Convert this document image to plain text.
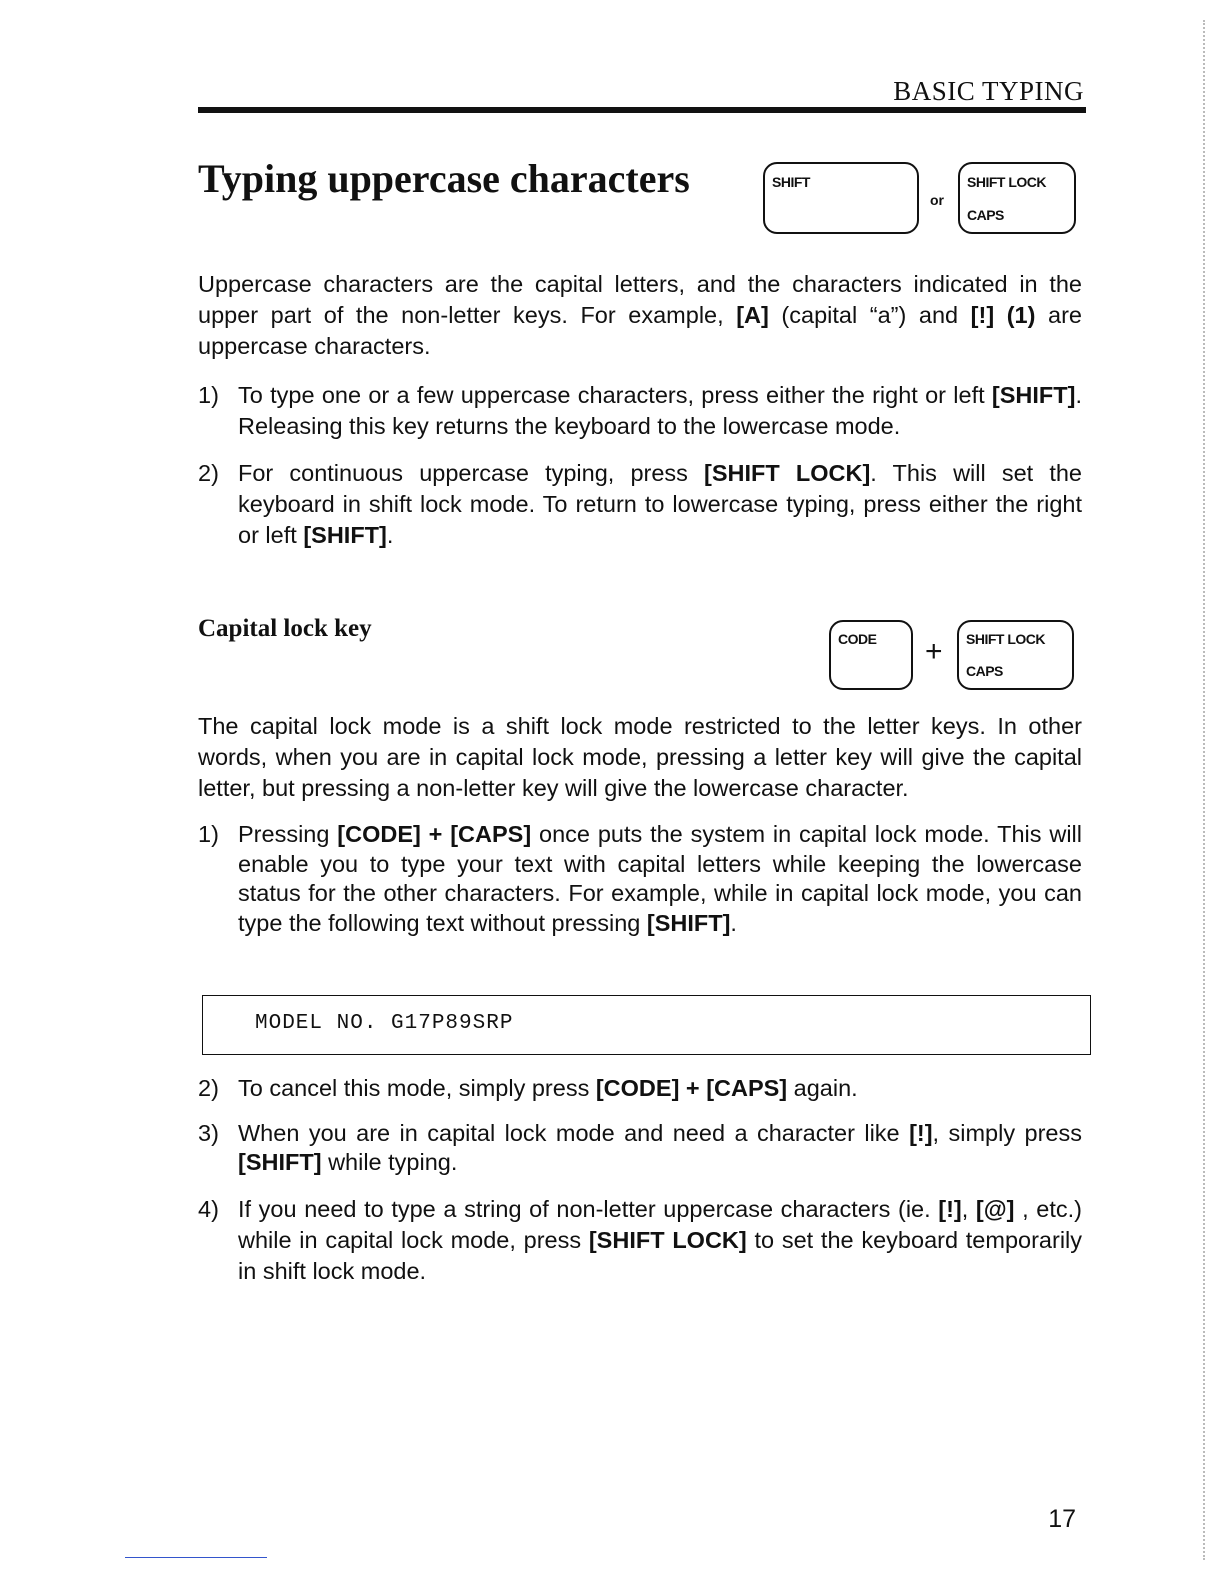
BASIC TYPING
Typing uppercase characters	SHIFT
or
SHIFT LOCK
CAPS
Uppercase characters are the capital letters, and the characters indicated in the upper part of the non-letter keys. For example, [A] (capital “a”) and [!] (1) are uppercase characters.
1) To type one or a few uppercase characters, press either the right or left [SHIFT]. Releasing this key returns the keyboard to the lowercase mode.
2) For continuous uppercase typing, press [SHIFT LOCK]. This will set the keyboard in shift lock mode. To return to lowercase typing, press either the right or left [SHIFT].
Capital lock key	CODE + SHIFT LOCK
CAPS
The capital lock mode is a shift lock mode restricted to the letter keys. In other words, when you are in capital lock mode, pressing a letter key will give the capital letter, but pressing a non-letter key will give the lowercase character.
1) Pressing [CODE] + [CAPS] once puts the system in capital lock mode. This will enable you to type your text with capital letters while keeping the lowercase status for the other characters. For example, while in capital lock mode, you can type the following text without pressing [SHIFT].
MODEL NO. G17P89SRP
2) To cancel this mode, simply press [CODE] + [CAPS] again.
3) When you are in capital lock mode and need a character like [!], simply press [SHIFT] while typing.
4) If you need to type a string of non-letter uppercase characters (ie. [!], [@] , etc.) while in capital lock mode, press [SHIFT LOCK] to set the keyboard temporarily in shift lock mode.
17
